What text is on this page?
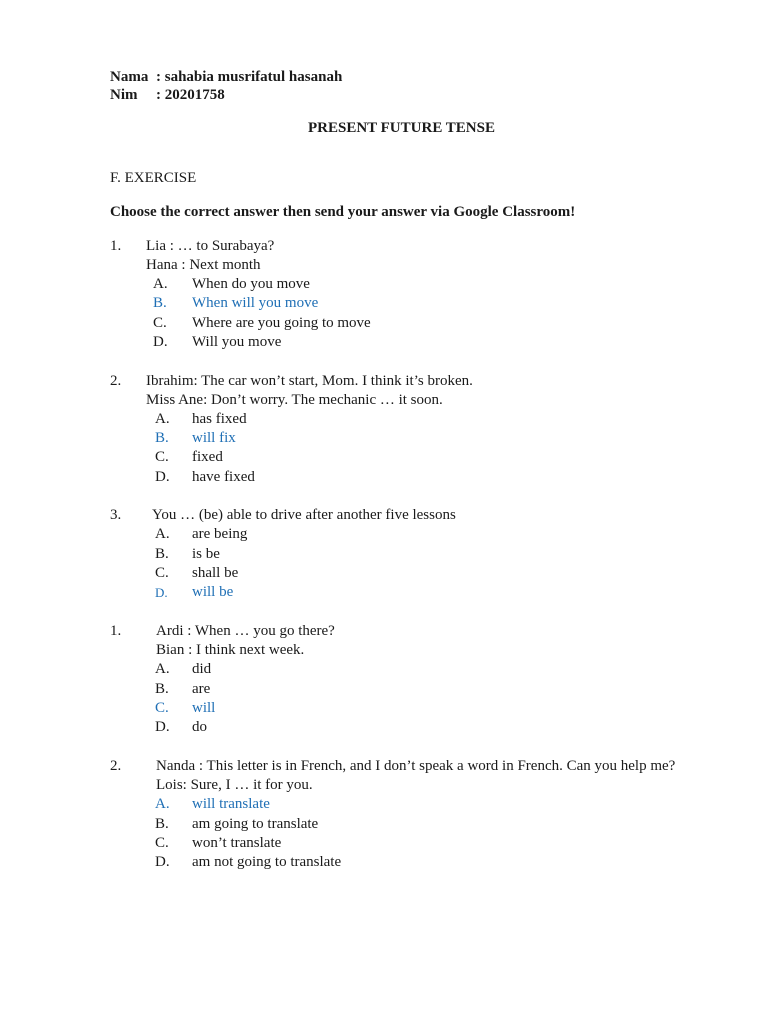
Nama : sahabia musrifatul hasanah
Nim : 20201758
PRESENT FUTURE TENSE
F. EXERCISE
Choose the correct answer then send your answer via Google Classroom!
1. Lia : … to Surabaya?
Hana : Next month
A. When do you move
B. When will you move
C. Where are you going to move
D. Will you move
2. Ibrahim: The car won’t start, Mom. I think it’s broken.
Miss Ane: Don’t worry. The mechanic … it soon.
A. has fixed
B. will fix
C. fixed
D. have fixed
3. You … (be) able to drive after another five lessons
A. are being
B. is be
C. shall be
D. will be
1. Ardi : When … you go there?
Bian : I think next week.
A. did
B. are
C. will
D. do
2. Nanda : This letter is in French, and I don’t speak a word in French. Can you help me?
Lois: Sure, I … it for you.
A. will translate
B. am going to translate
C. won’t translate
D. am not going to translate
